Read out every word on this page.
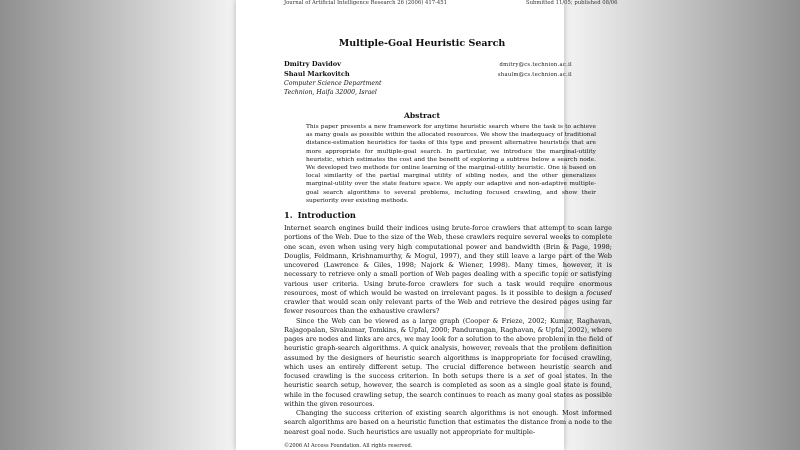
Journal of Artificial Intelligence Research 26 (2006) 417-451	Submitted 11/05; published 08/06
Multiple-Goal Heuristic Search
Dmitry Davidov	dmitry@cs.technion.ac.il
Shaul Markovitch	shaulm@cs.technion.ac.il
Computer Science Department
Technion, Haifa 32000, Israel
Abstract
This paper presents a new framework for anytime heuristic search where the task is to achieve as many goals as possible within the allocated resources. We show the inadequacy of traditional distance-estimation heuristics for tasks of this type and present alternative heuristics that are more appropriate for multiple-goal search. In particular, we introduce the marginal-utility heuristic, which estimates the cost and the benefit of exploring a subtree below a search node. We developed two methods for online learning of the marginal-utility heuristic. One is based on local similarity of the partial marginal utility of sibling nodes, and the other generalizes marginal-utility over the state feature space. We apply our adaptive and non-adaptive multiple-goal search algorithms to several problems, including focused crawling, and show their superiority over existing methods.
1. Introduction

Internet search engines build their indices using brute-force crawlers that attempt to scan large portions of the Web. Due to the size of the Web, these crawlers require several weeks to complete one scan, even when using very high computational power and bandwidth (Brin & Page, 1998; Douglis, Feldmann, Krishnamurthy, & Mogul, 1997), and they still leave a large part of the Web uncovered (Lawrence & Giles, 1998; Najork & Wiener, 1998). Many times, however, it is necessary to retrieve only a small portion of Web pages dealing with a specific topic or satisfying various user criteria. Using brute-force crawlers for such a task would require enormous resources, most of which would be wasted on irrelevant pages. Is it possible to design a focused crawler that would scan only relevant parts of the Web and retrieve the desired pages using far fewer resources than the exhaustive crawlers?

Since the Web can be viewed as a large graph (Cooper & Frieze, 2002; Kumar, Raghavan, Rajagopalan, Sivakumar, Tomkins, & Upfal, 2000; Pandurangan, Raghavan, & Upfal, 2002), where pages are nodes and links are arcs, we may look for a solution to the above problem in the field of heuristic graph-search algorithms. A quick analysis, however, reveals that the problem definition assumed by the designers of heuristic search algorithms is inappropriate for focused crawling, which uses an entirely different setup. The crucial difference between heuristic search and focused crawling is the success criterion. In both setups there is a set of goal states. In the heuristic search setup, however, the search is completed as soon as a single goal state is found, while in the focused crawling setup, the search continues to reach as many goal states as possible within the given resources.

Changing the success criterion of existing search algorithms is not enough. Most informed search algorithms are based on a heuristic function that estimates the distance from a node to the nearest goal node. Such heuristics are usually not appropriate for multiple-

©2006 AI Access Foundation. All rights reserved.
